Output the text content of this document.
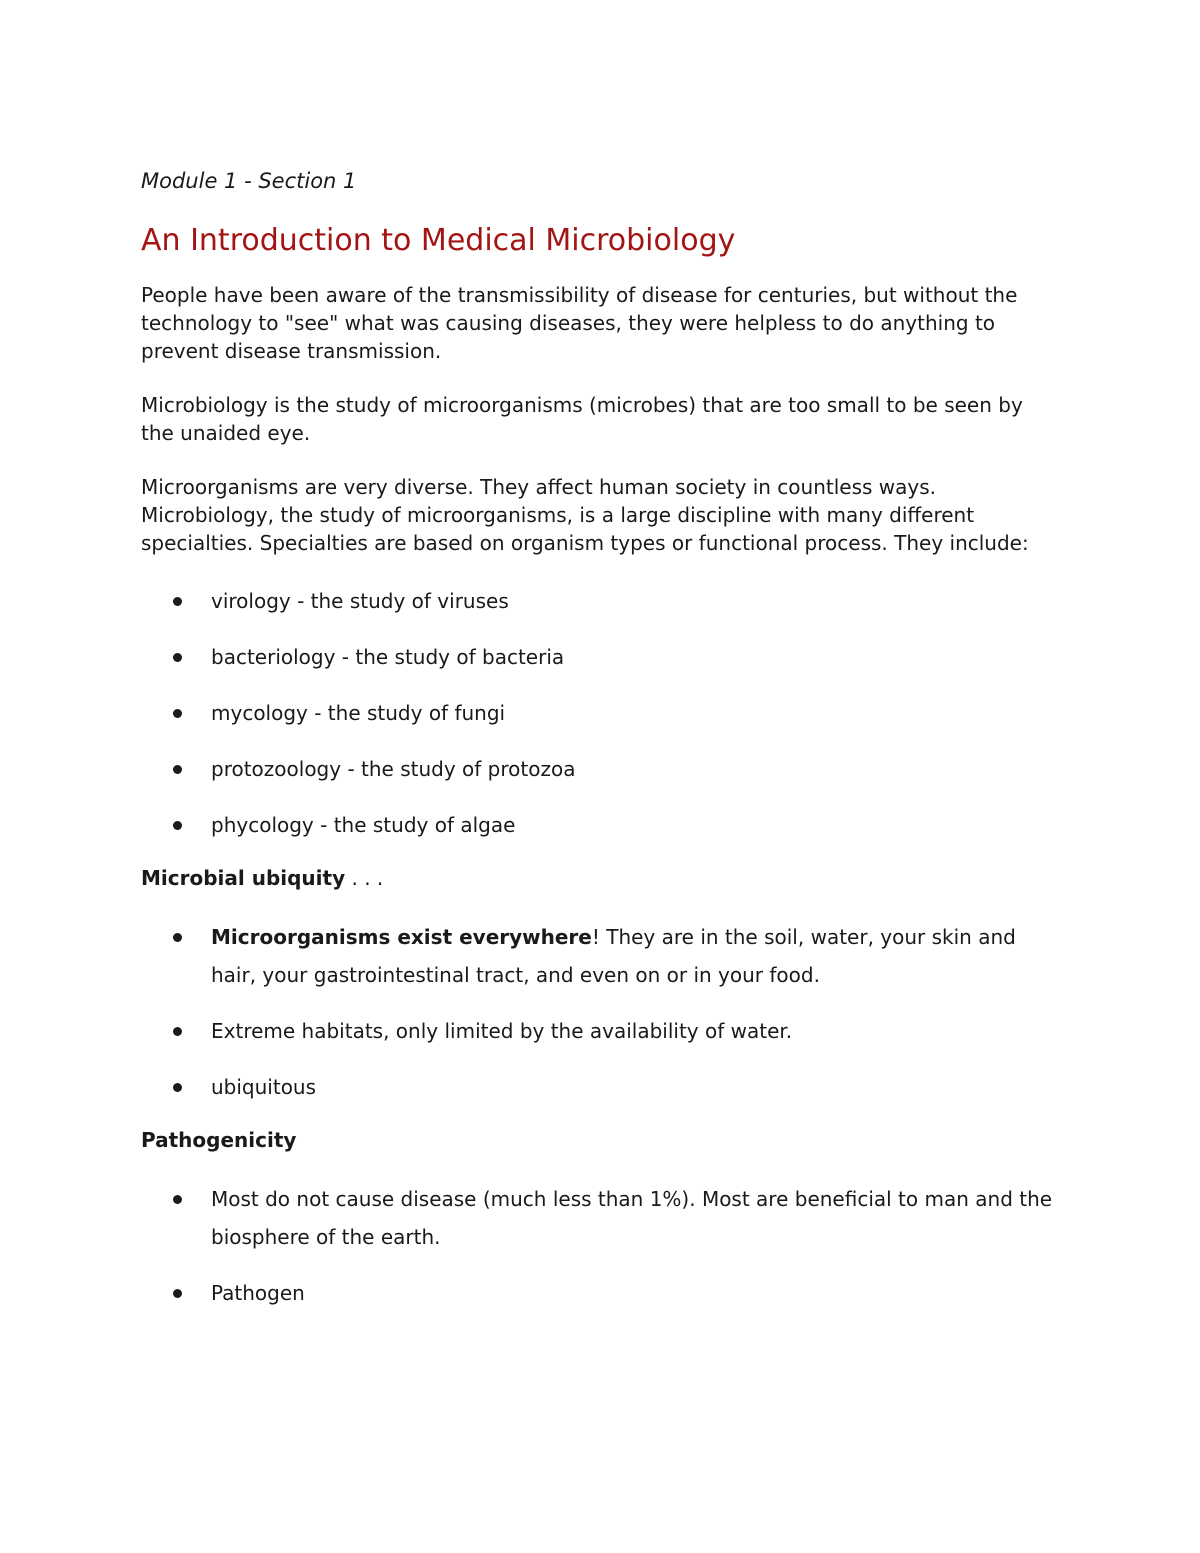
Module 1 - Section 1

An Introduction to Medical Microbiology

People have been aware of the transmissibility of disease for centuries, but without the technology to "see" what was causing diseases, they were helpless to do anything to prevent disease transmission.

Microbiology is the study of microorganisms (microbes) that are too small to be seen by the unaided eye.

Microorganisms are very diverse. They affect human society in countless ways. Microbiology, the study of microorganisms, is a large discipline with many different specialties. Specialties are based on organism types or functional process. They include:

virology - the study of viruses
bacteriology - the study of bacteria
mycology - the study of fungi
protozoology - the study of protozoa
phycology - the study of algae

Microbial ubiquity . . .

Microorganisms exist everywhere! They are in the soil, water, your skin and hair, your gastrointestinal tract, and even on or in your food.
Extreme habitats, only limited by the availability of water.
ubiquitous

Pathogenicity

Most do not cause disease (much less than 1%). Most are beneficial to man and the biosphere of the earth.
Pathogen
